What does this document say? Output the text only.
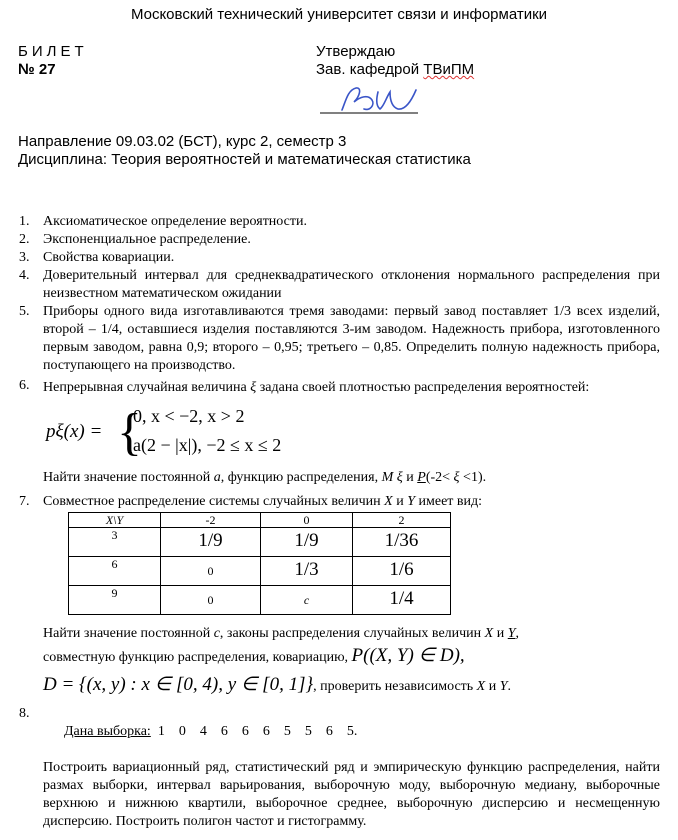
Московский технический университет связи и информатики
БИЛЕТ
№ 27
Утверждаю
Зав. кафедрой ТВиПМ
Направление 09.03.02 (БСТ), курс 2, семестр 3
Дисциплина: Теория вероятностей и математическая статистика
1. Аксиоматическое определение вероятности.
2. Экспоненциальное распределение.
3. Свойства ковариации.
4. Доверительный интервал для среднеквадратического отклонения нормального распределения при неизвестном математическом ожидании
5. Приборы одного вида изготавливаются тремя заводами: первый завод поставляет 1/3 всех изделий, второй – 1/4, оставшиеся изделия поставляются 3-им заводом. Надежность прибора, изготовленного первым заводом, равна 0,9; второго – 0,95; третьего – 0,85. Определить полную надежность прибора, поступающего на производство.
6. Непрерывная случайная величина ξ задана своей плотностью распределения вероятностей:
pξ(x) = {
0, x < −2, x > 2
a(2 − |x|), −2 ≤ x ≤ 2
Найти значение постоянной a, функцию распределения, M ξ и P(-2< ξ <1).
7. Совместное распределение системы случайных величин X и Y имеет вид:
X\Y	-2	0	2
3	1/9	1/9	1/36
6	0	1/3	1/6
9	0	c	1/4
Найти значение постоянной c, законы распределения случайных величин X и Y,
совместную функцию распределения, ковариацию, P((X, Y) ∈ D),
D = {(x, y) : x ∈ [0, 4), y ∈ [0, 1]}, проверить независимость X и Y.
8.

Дана выборка: 1    0    4    6    6    6    5    5    6    5.

Построить вариационный ряд, статистический ряд и эмпирическую функцию распределения, найти размах выборки, интервал варьирования, выборочную моду, выборочную медиану, выборочные верхнюю и нижнюю квартили, выборочное среднее, выборочную дисперсию и несмещенную дисперсию. Построить полигон частот и гистограмму.
